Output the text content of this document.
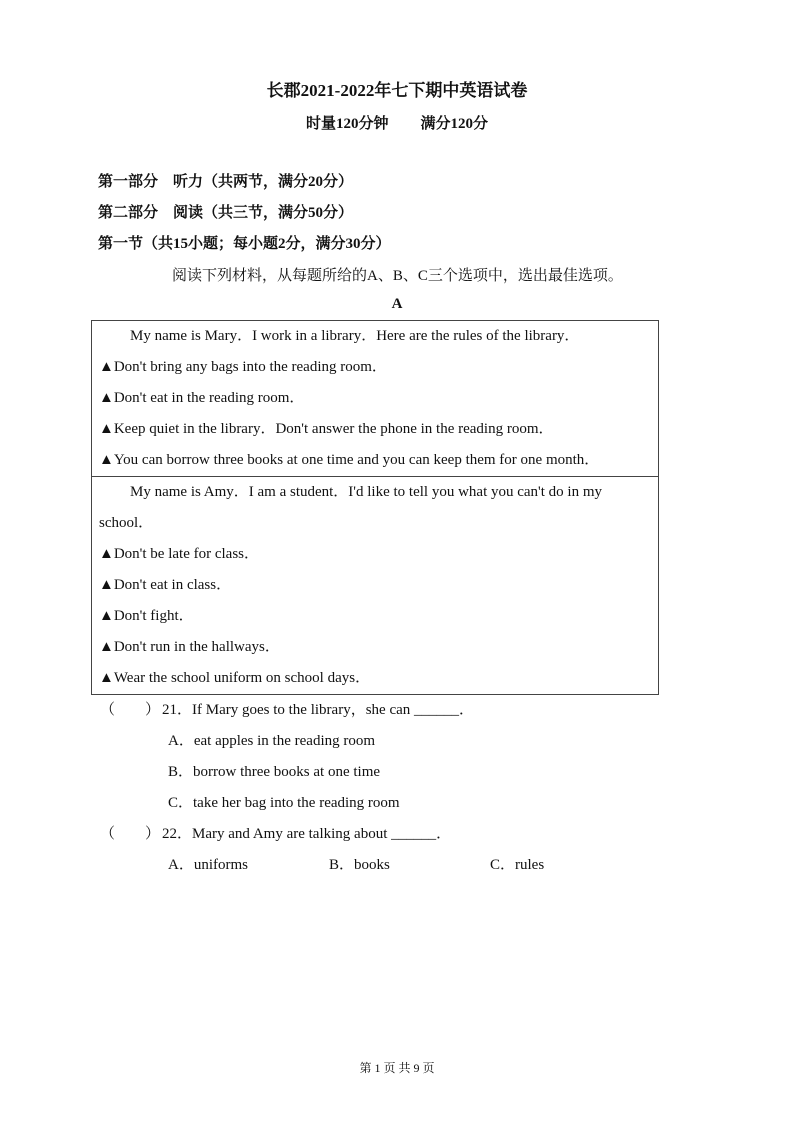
长郡2021-2022年七下期中英语试卷
时量120分钟 满分120分
第一部分　听力（共两节，满分20分）
第二部分　阅读（共三节，满分50分）
第一节（共15小题；每小题2分，满分30分）
阅读下列材料，从每题所给的A、B、C三个选项中，选出最佳选项。
A
My name is Mary．I work in a library．Here are the rules of the library．
▲Don't bring any bags into the reading room．
▲Don't eat in the reading room．
▲Keep quiet in the library．Don't answer the phone in the reading room．
▲You can borrow three books at one time and you can keep them for one month．
My name is Amy．I am a student．I'd like to tell you what you can't do in my
school．
▲Don't be late for class．
▲Don't eat in class．
▲Don't fight．
▲Don't run in the hallways．
▲Wear the school uniform on school days．
（　　） 21．If Mary goes to the library，she can ______．
A．eat apples in the reading room
B．borrow three books at one time
C．take her bag into the reading room
（　　） 22．Mary and Amy are talking about ______．
A．uniforms	B．books	C．rules
第 1 页 共 9 页
